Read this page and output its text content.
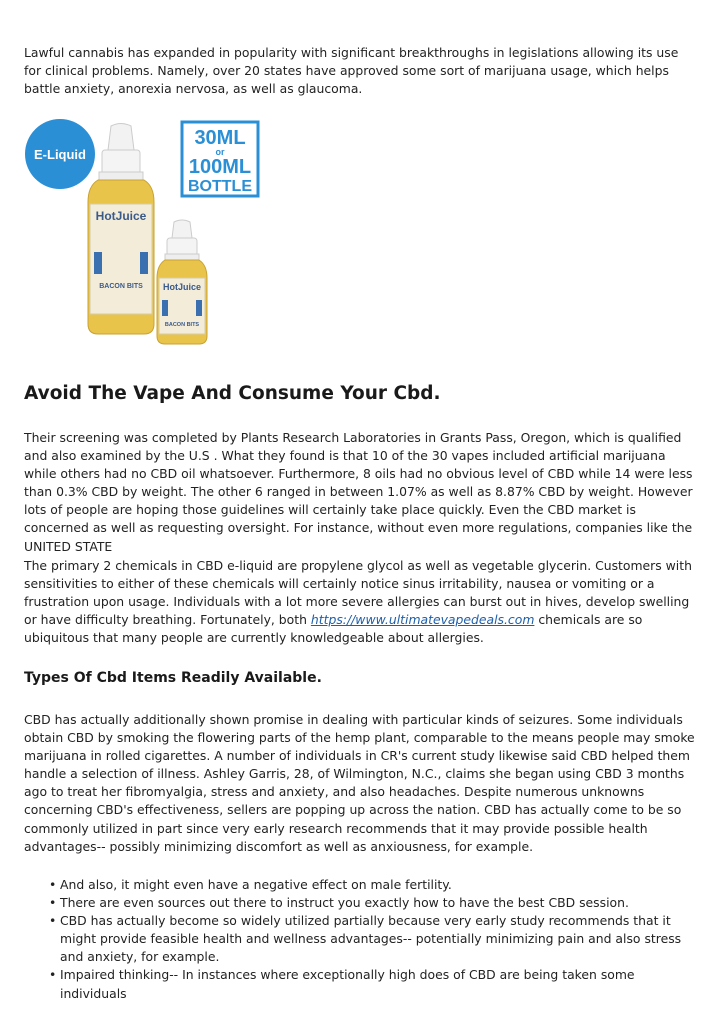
Lawful cannabis has expanded in popularity with significant breakthroughs in legislations allowing its use for clinical problems. Namely, over 20 states have approved some sort of marijuana usage, which helps battle anxiety, anorexia nervosa, as well as glaucoma.

E-Liquid
30ML
or
100ML
BOTTLE
HotJuice
BACON BITS HotJuice
BACON BITS
Avoid The Vape And Consume Your Cbd.

Their screening was completed by Plants Research Laboratories in Grants Pass, Oregon, which is qualified and also examined by the U.S . What they found is that 10 of the 30 vapes included artificial marijuana while others had no CBD oil whatsoever. Furthermore, 8 oils had no obvious level of CBD while 14 were less than 0.3% CBD by weight. The other 6 ranged in between 1.07% as well as 8.87% CBD by weight. However lots of people are hoping those guidelines will certainly take place quickly. Even the CBD market is concerned as well as requesting oversight. For instance, without even more regulations, companies like the UNITED STATE

The primary 2 chemicals in CBD e-liquid are propylene glycol as well as vegetable glycerin. Customers with sensitivities to either of these chemicals will certainly notice sinus irritability, nausea or vomiting or a frustration upon usage. Individuals with a lot more severe allergies can burst out in hives, develop swelling or have difficulty breathing. Fortunately, both https://www.ultimatevapedeals.com chemicals are so ubiquitous that many people are currently knowledgeable about allergies.

Types Of Cbd Items Readily Available.

CBD has actually additionally shown promise in dealing with particular kinds of seizures. Some individuals obtain CBD by smoking the flowering parts of the hemp plant, comparable to the means people may smoke marijuana in rolled cigarettes. A number of individuals in CR's current study likewise said CBD helped them handle a selection of illness. Ashley Garris, 28, of Wilmington, N.C., claims she began using CBD 3 months ago to treat her fibromyalgia, stress and anxiety, and also headaches. Despite numerous unknowns concerning CBD's effectiveness, sellers are popping up across the nation. CBD has actually come to be so commonly utilized in part since very early research recommends that it may provide possible health advantages-- possibly minimizing discomfort as well as anxiousness, for example.

• And also, it might even have a negative effect on male fertility.
• There are even sources out there to instruct you exactly how to have the best CBD session.
• CBD has actually become so widely utilized partially because very early study recommends that it might provide feasible health and wellness advantages-- potentially minimizing pain and also stress and anxiety, for example.
• Impaired thinking-- In instances where exceptionally high does of CBD are being taken some individuals
